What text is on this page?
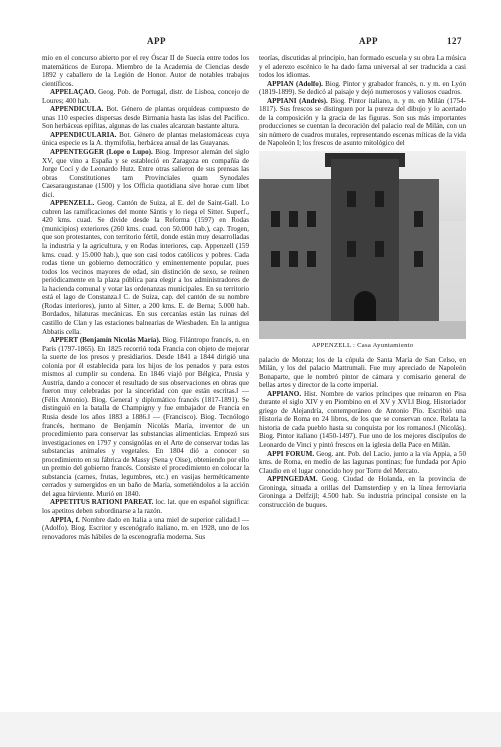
APP	APP	127

mio en el concurso abierto por el rey Óscar II de Suecia entre todos los matemáticos de Europa. Miembro de la Academia de Ciencias desde 1892 y caballero de la Legión de Honor. Autor de notables trabajos científicos.

APPELAÇAO. Geog. Pob. de Portugal, distr. de Lisboa, concejo de Loures; 400 hab.

APPENDICULA. Bot. Género de plantas orquídeas compuesto de unas 110 especies dispersas desde Birmania hasta las islas del Pacífico. Son herbáceas epífitas, algunas de las cuales alcanzan bastante altura.

APPENDICULARIA. Bot. Género de plantas melastomáceas cuya única especie es la A. thymifolia, herbácea anual de las Guayanas.

APPENTEGGER (Lope o Lupo). Biog. Impresor alemán del siglo XV, que vino a España y se estableció en Zaragoza en compañía de Jorge Cocí y de Leonardo Hutz. Entre otras salieron de sus prensas las obras Constitutiones tam Provinciales quam Synodales Caesaraugustanae (1500) y los Officia quotidiana sive horae cum libet dici.

APPENZELL. Geog. Cantón de Suiza, al E. del de Saint-Gall. Lo cubren las ramificaciones del monte Säntis y lo riega el Sitter. Superf., 420 kms. cuad. Se divide desde la Reforma (1597) en Rodas (municipios) exteriores (260 kms. cuad. con 50.000 hab.), cap. Trogen, que son protestantes, con territorio fértil, donde están muy desarrolladas la industria y la agricultura, y en Rodas interiores, cap. Appenzell (159 kms. cuad. y 15.000 hab.), que son casi todos católicos y pobres. Cada rodas tiene un gobierno democrático y eminentemente popular, pues todos los vecinos mayores de edad, sin distinción de sexo, se reúnen periódicamente en la plaza pública para elegir a los administradores de la hacienda comunal y votar las ordenanzas municipales. En su territorio está el lago de Constanza.‖ C. de Suiza, cap. del cantón de su nombre (Rodas interiores), junto al Sitter, a 200 kms. E. de Berna; 5.000 hab. Bordados, hilaturas mecánicas. En sus cercanías están las ruinas del castillo de Clan y las estaciones balnearias de Wiesbaden. En la antigua Abbatis cella.

APPERT (Benjamín Nicolás María). Biog. Filántropo francés, n. en París (1797-1865). En 1825 recorrió toda Francia con objeto de mejorar la suerte de los presos y presidiarios. Desde 1841 a 1844 dirigió una colonia por él establecida para los hijos de los penados y para estos mismos al cumplir su condena. En 1846 viajó por Bélgica, Prusia y Austria, dando a conocer el resultado de sus observaciones en obras que fueron muy celebradas por la sinceridad con que están escritas.‖ — (Félix Antonio). Biog. General y diplomático francés (1817-1891). Se distinguió en la batalla de Champigny y fue embajador de Francia en Rusia desde los años 1883 a 1886.‖ — (Francisco). Biog. Tecnólogo francés, hermano de Benjamín Nicolás María, inventor de un procedimiento para conservar las substancias alimenticias. Empezó sus investigaciones en 1797 y consignólas en el Arte de conservar todas las substancias animales y vegetales. En 1804 dió a conocer su procedimiento en su fábrica de Massy (Sena y Oise), obteniendo por ello un premio del gobierno francés. Consiste el procedimiento en colocar la substancia (carnes, frutas, legumbres, etc.) en vasijas herméticamente cerrados y sumergidos en un baño de María, sometiéndolos a la acción del agua hirviente. Murió en 1840.

APPETITUS RATIONI PAREAT. loc. lat. que en español significa: los apetitos deben subordinarse a la razón.

APPIA, f. Nombre dado en Italia a una miel de superior calidad.‖ — (Adolfo). Biog. Escritor y escenógrafo italiano, m. en 1928, uno de los renovadores más hábiles de la escenografía moderna. Sus

teorías, discutidas al principio, han formado escuela y su obra La música y el aderezo escénico le ha dado fama universal al ser traducida a casi todos los idiomas.

APPIAN (Adolfo). Biog. Pintor y grabador francés, n. y m. en Lyón (1819-1899). Se dedicó al paisaje y dejó numerosos y valiosos cuadros.

APPIANI (Andrés). Biog. Pintor italiano, n. y m. en Milán (1754-1817). Sus frescos se distinguen por la pureza del dibujo y lo acertado de la composición y la gracia de las figuras. Son sus más importantes producciones se cuentan la decoración del palacio real de Milán, con un sin número de cuadros murales, representando escenas míticas de la vida de Napoleón I; los frescos de asunto mitológico del

APPENZELL : Casa Ayuntamiento

palacio de Monza; los de la cúpula de Santa María de San Celso, en Milán, y los del palacio Mattrumali. Fue muy apreciado de Napoleón Bonaparte, que le nombró pintor de cámara y comisario general de bellas artes y director de la corte imperial.

APPIANO. Hist. Nombre de varios príncipes que reinaron en Pisa durante el siglo XIV y en Piombino en el XV y XVI.‖ Biog. Historiador griego de Alejandría, contemporáneo de Antonio Pío. Escribió una Historia de Roma en 24 libros, de los que se conservan once. Relata la historia de cada pueblo hasta su conquista por los romanos.‖ (Nicolás). Biog. Pintor italiano (1450-1497). Fue uno de los mejores discípulos de Leonardo de Vinci y pintó frescos en la iglesia della Pace en Milán.

APPI FORUM. Geog. ant. Pob. del Lacio, junto a la vía Appia, a 50 kms. de Roma, en medio de las lagunas pontinas; fue fundada por Apio Claudio en el lugar conocido hoy por Torre del Mercato.

APPINGEDAM. Geog. Ciudad de Holanda, en la provincia de Groninga, situada a orillas del Damsterdiep y en la línea ferroviaria Groninga a Delfzijl; 4.500 hab. Su industria principal consiste en la construcción de buques.
